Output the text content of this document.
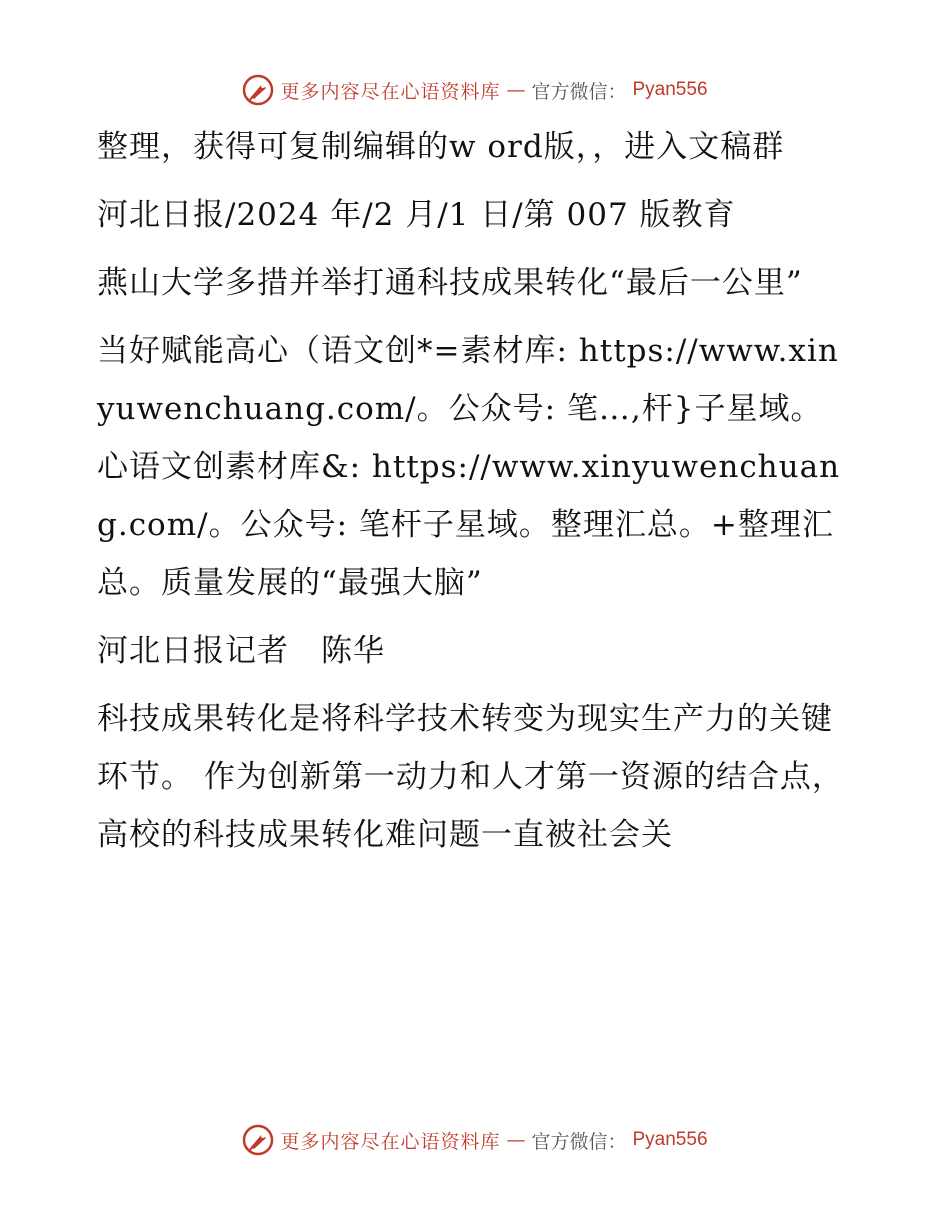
更多内容尽在心语资料库 — 官方微信： Pyan556

整理，获得可复制编辑的w ord版，，进入文稿群

河北日报/2024 年/2 月/1 日/第 007 版教育

燕山大学多措并举打通科技成果转化“最后一公里”

当好赋能高心（语文创*=素材库: https://www.xinyuwenchuang.com/。公众号: 笔…,杆}子星域。心语文创素材库&: https://www.xinyuwenchuang.com/。公众号: 笔杆子星域。整理汇总。+整理汇总。质量发展的“最强大脑”

河北日报记者　陈华

科技成果转化是将科学技术转变为现实生产力的关键环节。 作为创新第一动力和人才第一资源的结合点，高校的科技成果转化难问题一直被社会关

更多内容尽在心语资料库 — 官方微信： Pyan556
